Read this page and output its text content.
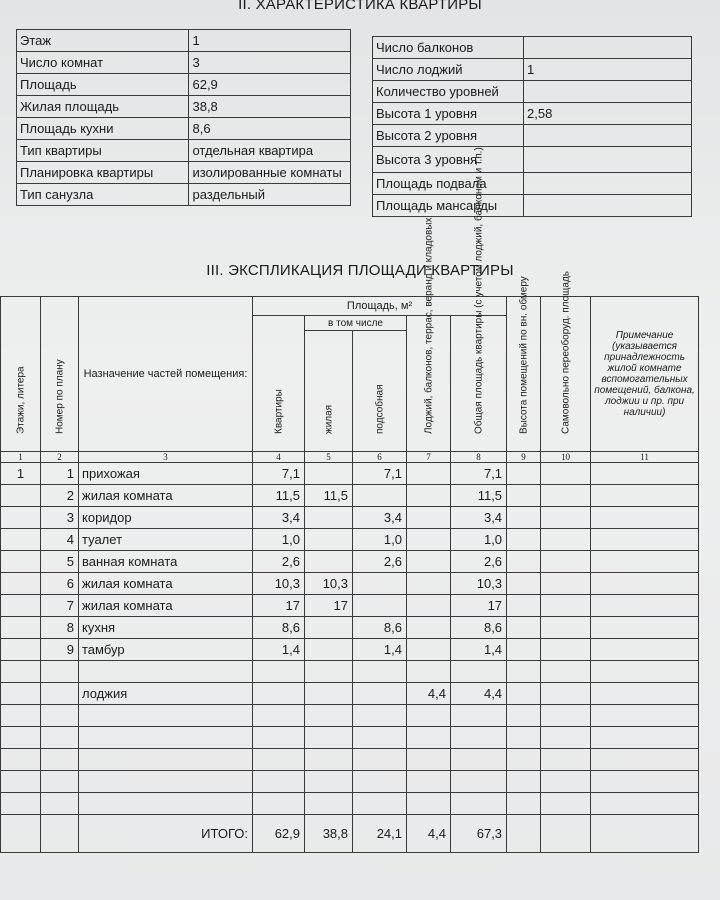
II. ХАРАКТЕРИСТИКА КВАРТИРЫ
Этаж	1
Число комнат	3
Площадь	62,9
Жилая площадь	38,8
Площадь кухни	8,6
Тип квартиры	отдельная квартира
Планировка квартиры	изолированные комнаты
Тип санузла	раздельный
Число балконов	
Число лоджий	1
Количество уровней	
Высота 1 уровня	2,58
Высота 2 уровня	
Высота 3 уровня	
Площадь подвала	
Площадь мансарды	
III. ЭКСПЛИКАЦИЯ ПЛОЩАДИ КВАРТИРЫ
Этажи, литера	Номер по плану	Назначение частей помещения:	Площадь, м²					Высота помещений по вн. обмеру	Самовольно переоборуд. площадь	Примечание (указывается принадлежность жилой комнате вспомогательных помещений, балкона, лоджии и пр. при наличии)

			Квартиры	в том числе		Лоджий, балконов, террас, веранд и кладовых	Общая площадь квартиры (с учетом лоджий, балконом и т.п.)			

				жилая	подсобная					

1	2	3	4	5	6	7	8	9	10	11
1	1	прихожая	7,1		7,1		7,1			
	2	жилая комната	11,5	11,5			11,5			
	3	коридор	3,4		3,4		3,4			
	4	туалет	1,0		1,0		1,0			
	5	ванная комната	2,6		2,6		2,6			
	6	жилая комната	10,3	10,3			10,3			
	7	жилая комната	17	17			17			
	8	кухня	8,6		8,6		8,6			
	9	тамбур	1,4		1,4		1,4			

		лоджия				4,4	4,4			

		ИТОГО:	62,9	38,8	24,1	4,4	67,3			
